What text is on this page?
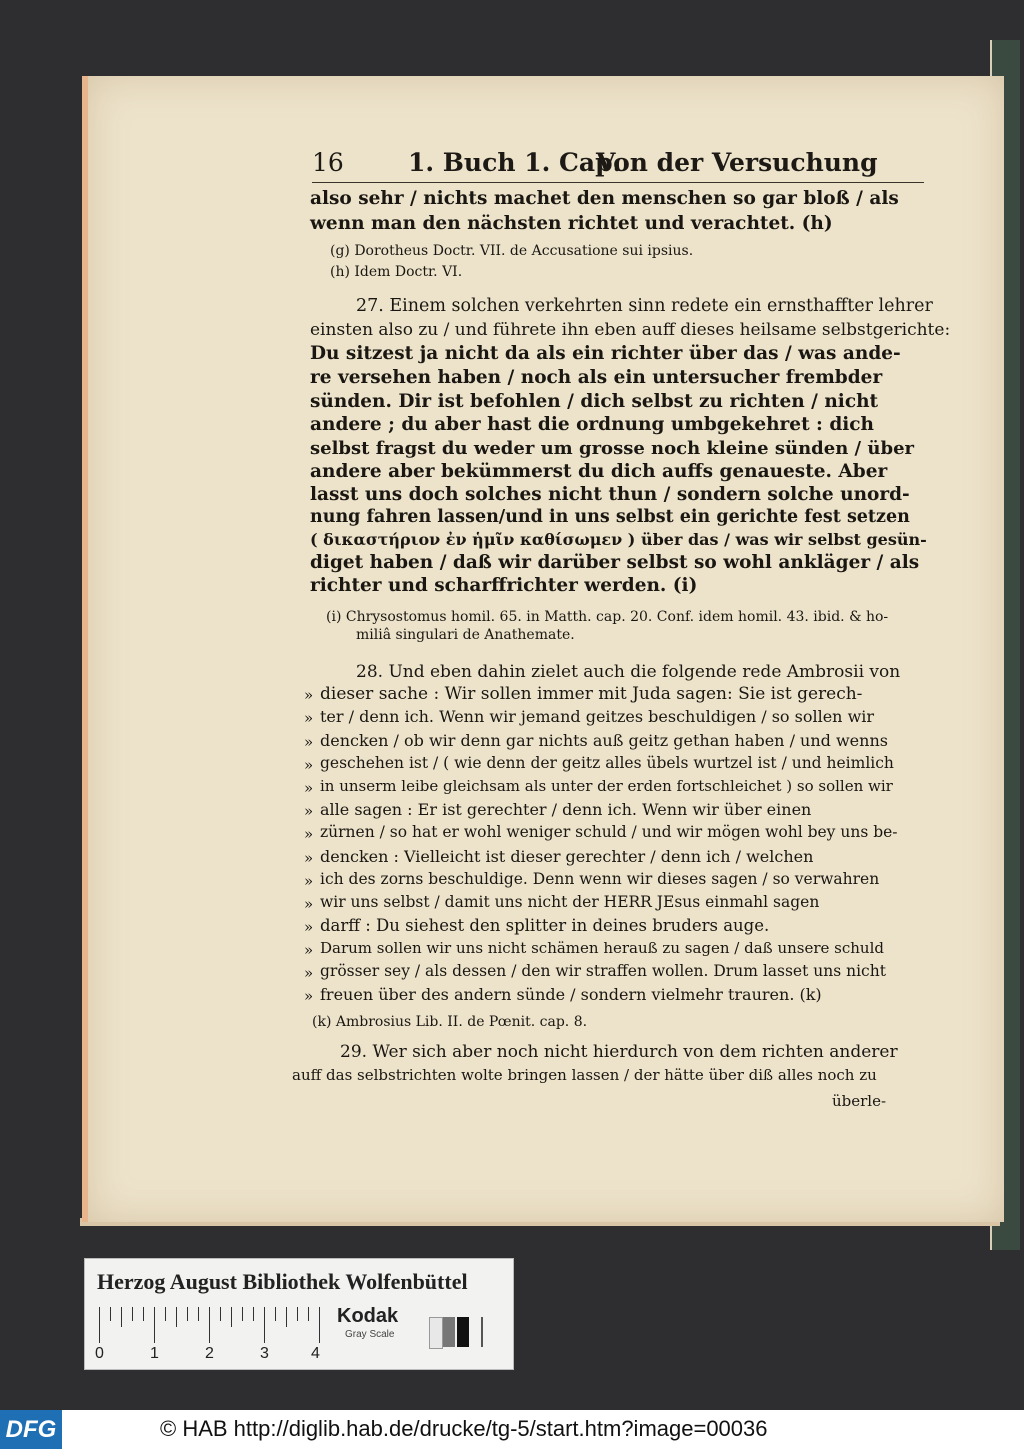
16	1. Buch 1. Cap.
Von der Versuchung
also sehr / nichts machet den menschen so gar bloß / als
wenn man den nächsten richtet und verachtet. (h)
(g) Dorotheus Doctr. VII. de Accusatione sui ipsius.
(h) Idem Doctr. VI.
27. Einem solchen verkehrten sinn redete ein ernsthaffter lehrer
einsten also zu / und führete ihn eben auff dieses heilsame selbstgerichte:
Du sitzest ja nicht da als ein richter über das / was ande-
re versehen haben / noch als ein untersucher frembder
sünden. Dir ist befohlen / dich selbst zu richten / nicht
andere ; du aber hast die ordnung umbgekehret : dich
selbst fragst du weder um grosse noch kleine sünden / über
andere aber bekümmerst du dich auffs genaueste. Aber
lasst uns doch solches nicht thun / sondern solche unord-
nung fahren lassen/und in uns selbst ein gerichte fest setzen
( δικαστήριον ἐν ἡμῖν καθίσωμεν ) über das / was wir selbst gesün-
diget haben / daß wir darüber selbst so wohl ankläger / als
richter und scharffrichter werden. (i)
(i) Chrysostomus homil. 65. in Matth. cap. 20. Conf. idem homil. 43. ibid. & ho-
miliâ singulari de Anathemate.
28. Und eben dahin zielet auch die folgende rede Ambrosii von
»
»
»
»
»
»
»
»
»
»
»
»
»
»
dieser sache : Wir sollen immer mit Juda sagen: Sie ist gerech-
ter / denn ich. Wenn wir jemand geitzes beschuldigen / so sollen wir
dencken / ob wir denn gar nichts auß geitz gethan haben / und wenns
geschehen ist / ( wie denn der geitz alles übels wurtzel ist / und heimlich
in unserm leibe gleichsam als unter der erden fortschleichet ) so sollen wir
alle sagen : Er ist gerechter / denn ich. Wenn wir über einen
zürnen / so hat er wohl weniger schuld / und wir mögen wohl bey uns be-
dencken : Vielleicht ist dieser gerechter / denn ich / welchen
ich des zorns beschuldige. Denn wenn wir dieses sagen / so verwahren
wir uns selbst / damit uns nicht der HERR JEsus einmahl sagen
darff : Du siehest den splitter in deines bruders auge.
Darum sollen wir uns nicht schämen herauß zu sagen / daß unsere schuld
grösser sey / als dessen / den wir straffen wollen. Drum lasset uns nicht
freuen über des andern sünde / sondern vielmehr trauren. (k)
(k) Ambrosius Lib. II. de Pœnit. cap. 8.
29. Wer sich aber noch nicht hierdurch von dem richten anderer
auff das selbstrichten wolte bringen lassen / der hätte über diß alles noch zu
überle-
Herzog August Bibliothek Wolfenbüttel
0	1	2	3	4
Kodak
Gray Scale
DFG	© HAB http://diglib.hab.de/drucke/tg-5/start.htm?image=00036
